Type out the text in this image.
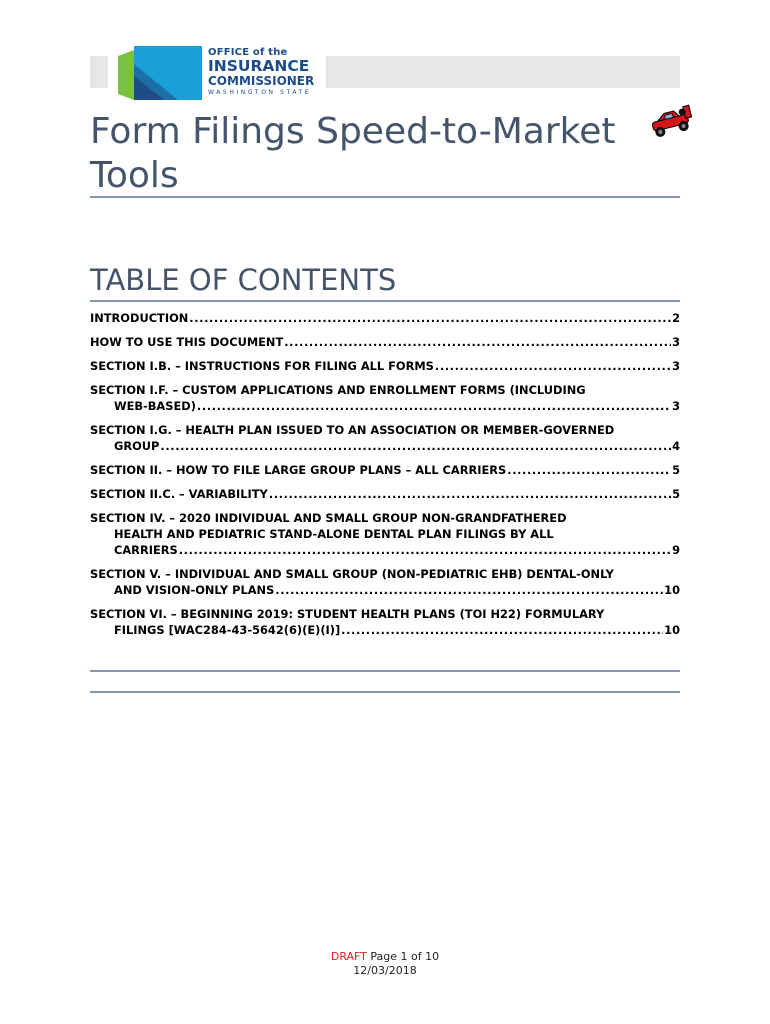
OFFICE of the
INSURANCE
COMMISSIONER
WASHINGTON STATE
Form Filings Speed-to-Market Tools
TABLE OF CONTENTS
INTRODUCTION .....	2
HOW TO USE THIS DOCUMENT .....	3
SECTION I.B. – INSTRUCTIONS FOR FILING ALL FORMS .....	3
SECTION I.F. – CUSTOM APPLICATIONS AND ENROLLMENT FORMS (INCLUDING
WEB-BASED) .....	3
SECTION I.G. – HEALTH PLAN ISSUED TO AN ASSOCIATION OR MEMBER-GOVERNED
GROUP .....	4
SECTION II. – HOW TO FILE LARGE GROUP PLANS – ALL CARRIERS .....	5
SECTION II.C. – VARIABILITY .....	5
SECTION IV. – 2020 INDIVIDUAL AND SMALL GROUP NON-GRANDFATHERED
HEALTH AND PEDIATRIC STAND-ALONE DENTAL PLAN FILINGS BY ALL
CARRIERS .....	9
SECTION V. – INDIVIDUAL AND SMALL GROUP (NON-PEDIATRIC EHB) DENTAL-ONLY
AND VISION-ONLY PLANS .....	10
SECTION VI. – BEGINNING 2019: STUDENT HEALTH PLANS (TOI H22) FORMULARY
FILINGS [WAC284-43-5642(6)(E)(I)] .....	10
DRAFT Page 1 of 10
12/03/2018
